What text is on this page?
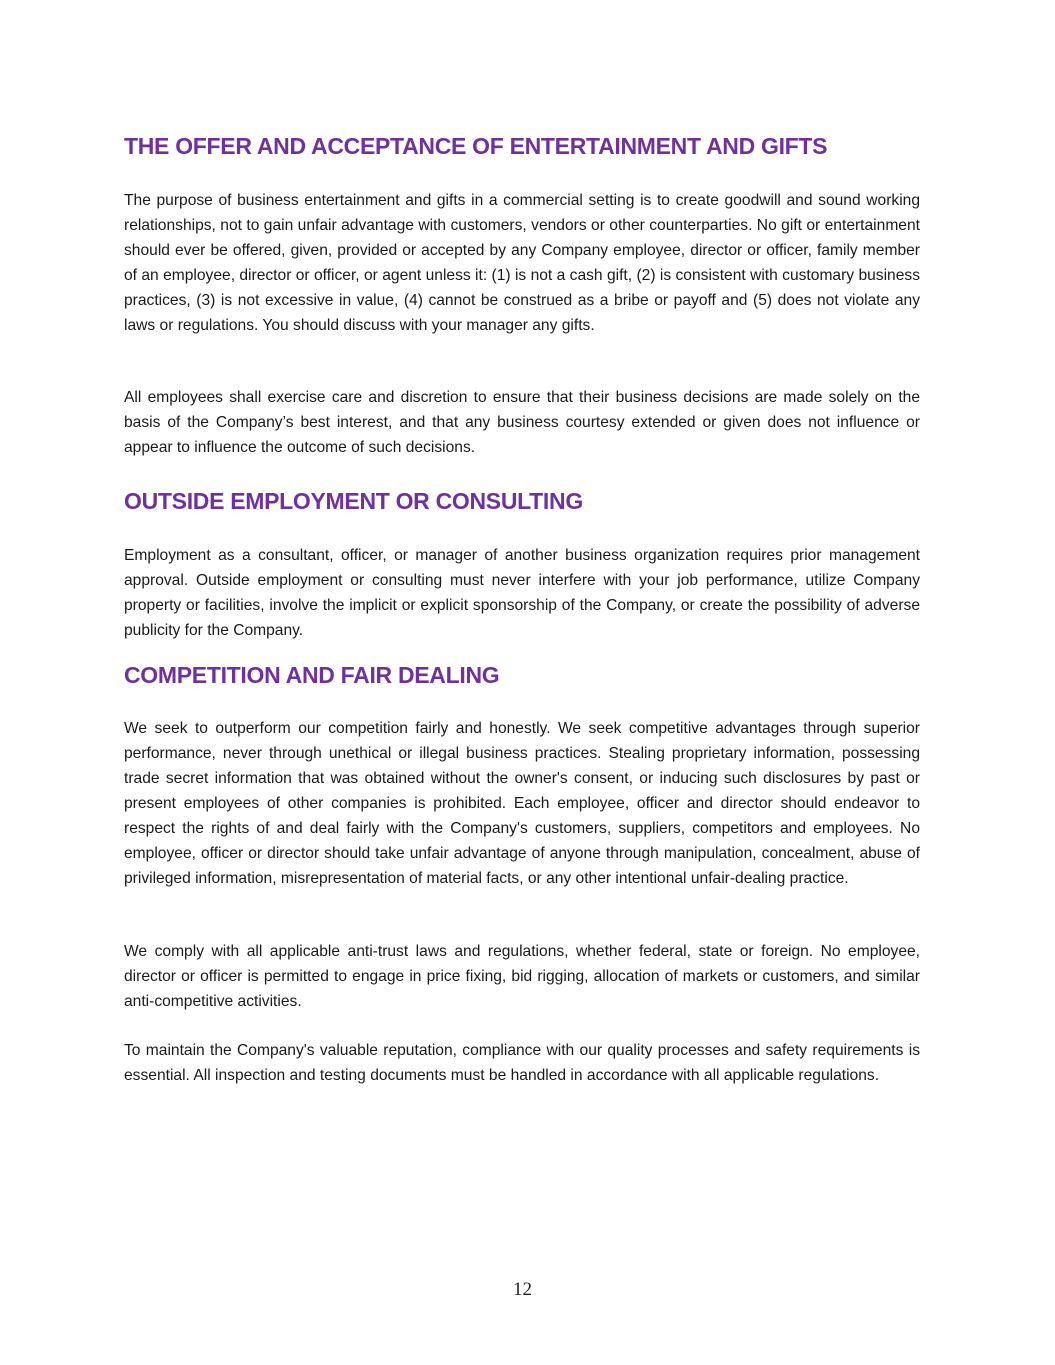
THE OFFER AND ACCEPTANCE OF ENTERTAINMENT AND GIFTS

The purpose of business entertainment and gifts in a commercial setting is to create goodwill and sound working relationships, not to gain unfair advantage with customers, vendors or other counterparties. No gift or entertainment should ever be offered, given, provided or accepted by any Company employee, director or officer, family member of an employee, director or officer, or agent unless it: (1) is not a cash gift, (2) is consistent with customary business practices, (3) is not excessive in value, (4) cannot be construed as a bribe or payoff and (5) does not violate any laws or regulations. You should discuss with your manager any gifts.

All employees shall exercise care and discretion to ensure that their business decisions are made solely on the basis of the Company’s best interest, and that any business courtesy extended or given does not influence or appear to influence the outcome of such decisions.

OUTSIDE EMPLOYMENT OR CONSULTING

Employment as a consultant, officer, or manager of another business organization requires prior management approval. Outside employment or consulting must never interfere with your job performance, utilize Company property or facilities, involve the implicit or explicit sponsorship of the Company, or create the possibility of adverse publicity for the Company.

COMPETITION AND FAIR DEALING

We seek to outperform our competition fairly and honestly. We seek competitive advantages through superior performance, never through unethical or illegal business practices. Stealing proprietary information, possessing trade secret information that was obtained without the owner's consent, or inducing such disclosures by past or present employees of other companies is prohibited. Each employee, officer and director should endeavor to respect the rights of and deal fairly with the Company's customers, suppliers, competitors and employees. No employee, officer or director should take unfair advantage of anyone through manipulation, concealment, abuse of privileged information, misrepresentation of material facts, or any other intentional unfair-dealing practice.

We comply with all applicable anti-trust laws and regulations, whether federal, state or foreign. No employee, director or officer is permitted to engage in price fixing, bid rigging, allocation of markets or customers, and similar anti-competitive activities.

To maintain the Company's valuable reputation, compliance with our quality processes and safety requirements is essential. All inspection and testing documents must be handled in accordance with all applicable regulations.

12
